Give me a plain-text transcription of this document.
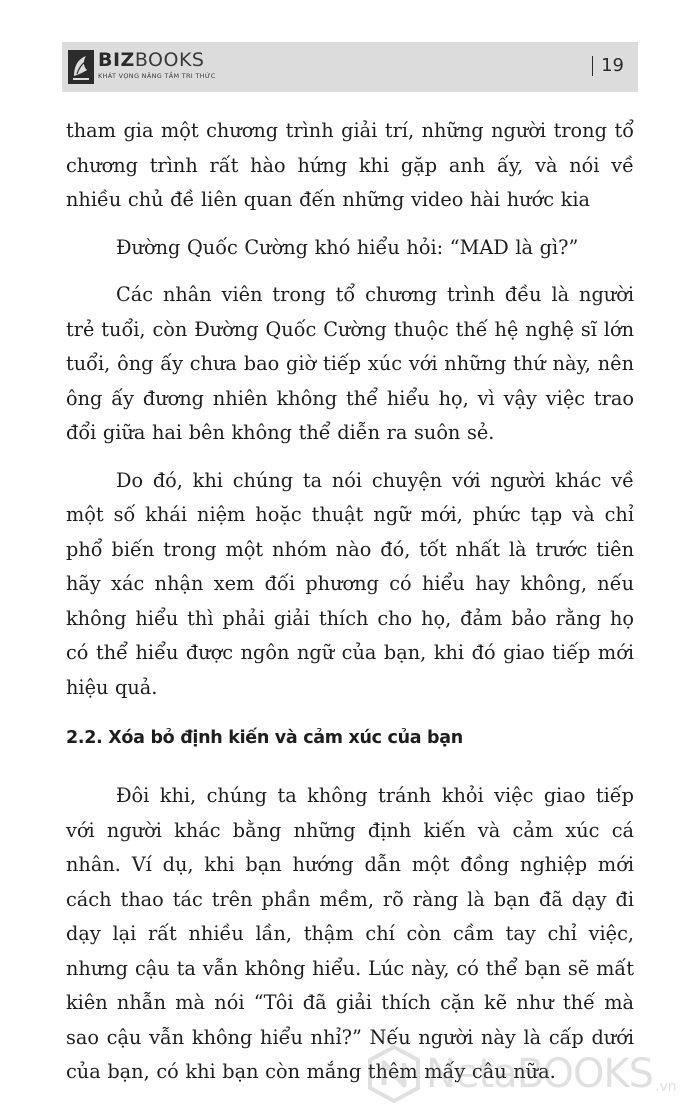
BIZBOOKS
KHÁT VỌNG NÂNG TẦM TRI THỨC	19

tham gia một chương trình giải trí, những người trong tổ chương trình rất hào hứng khi gặp anh ấy, và nói về nhiều chủ đề liên quan đến những video hài hước kia

Đường Quốc Cường khó hiểu hỏi: “MAD là gì?”

Các nhân viên trong tổ chương trình đều là người trẻ tuổi, còn Đường Quốc Cường thuộc thế hệ nghệ sĩ lớn tuổi, ông ấy chưa bao giờ tiếp xúc với những thứ này, nên ông ấy đương nhiên không thể hiểu họ, vì vậy việc trao đổi giữa hai bên không thể diễn ra suôn sẻ.

Do đó, khi chúng ta nói chuyện với người khác về một số khái niệm hoặc thuật ngữ mới, phức tạp và chỉ phổ biến trong một nhóm nào đó, tốt nhất là trước tiên hãy xác nhận xem đối phương có hiểu hay không, nếu không hiểu thì phải giải thích cho họ, đảm bảo rằng họ có thể hiểu được ngôn ngữ của bạn, khi đó giao tiếp mới hiệu quả.

2.2. Xóa bỏ định kiến và cảm xúc của bạn

Đôi khi, chúng ta không tránh khỏi việc giao tiếp với người khác bằng những định kiến và cảm xúc cá nhân. Ví dụ, khi bạn hướng dẫn một đồng nghiệp mới cách thao tác trên phần mềm, rõ ràng là bạn đã dạy đi dạy lại rất nhiều lần, thậm chí còn cầm tay chỉ việc, nhưng cậu ta vẫn không hiểu. Lúc này, có thể bạn sẽ mất kiên nhẫn mà nói “Tôi đã giải thích cặn kẽ như thế mà sao cậu vẫn không hiểu nhỉ?” Nếu người này là cấp dưới của bạn, có khi bạn còn mắng thêm mấy câu nữa.

NetaBOOKS .vn
